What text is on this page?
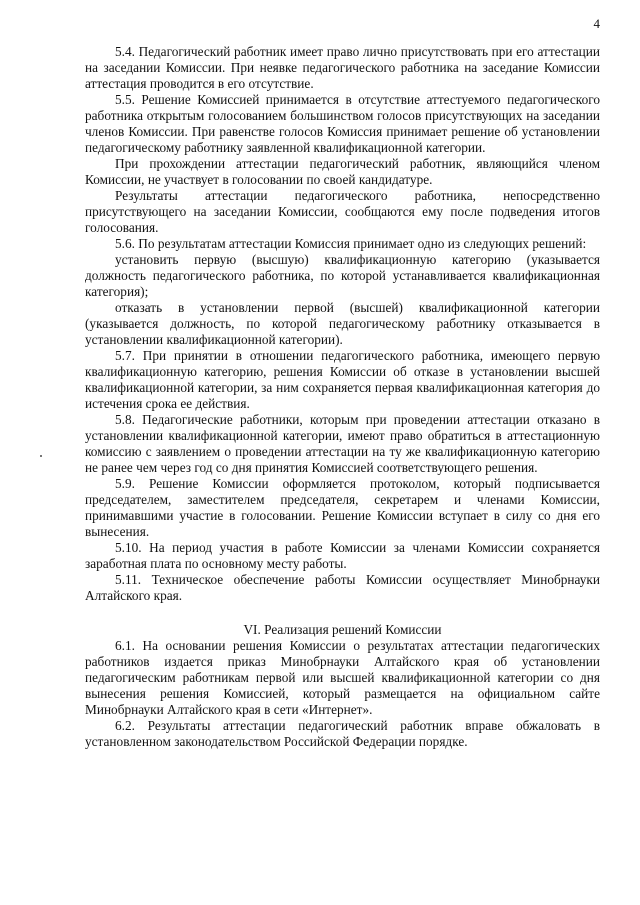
4

5.4. Педагогический работник имеет право лично присутствовать при его аттестации на заседании Комиссии. При неявке педагогического работника на заседание Комиссии аттестация проводится в его отсутствие.

5.5. Решение Комиссией принимается в отсутствие аттестуемого педагогического работника открытым голосованием большинством голосов присутствующих на заседании членов Комиссии. При равенстве голосов Комиссия принимает решение об установлении педагогическому работнику заявленной квалификационной категории.

При прохождении аттестации педагогический работник, являющийся членом Комиссии, не участвует в голосовании по своей кандидатуре.

Результаты аттестации педагогического работника, непосредственно присутствующего на заседании Комиссии, сообщаются ему после подведения итогов голосования.

5.6. По результатам аттестации Комиссия принимает одно из следующих решений:

установить первую (высшую) квалификационную категорию (указывается должность педагогического работника, по которой устанавливается квалификационная категория);

отказать в установлении первой (высшей) квалификационной категории (указывается должность, по которой педагогическому работнику отказывается в установлении квалификационной категории).

5.7. При принятии в отношении педагогического работника, имеющего первую квалификационную категорию, решения Комиссии об отказе в установлении высшей квалификационной категории, за ним сохраняется первая квалификационная категория до истечения срока ее действия.

5.8. Педагогические работники, которым при проведении аттестации отказано в установлении квалификационной категории, имеют право обратиться в аттестационную комиссию с заявлением о проведении аттестации на ту же квалификационную категорию не ранее чем через год со дня принятия Комиссией соответствующего решения.

5.9. Решение Комиссии оформляется протоколом, который подписывается председателем, заместителем председателя, секретарем и членами Комиссии, принимавшими участие в голосовании. Решение Комиссии вступает в силу со дня его вынесения.

5.10. На период участия в работе Комиссии за членами Комиссии сохраняется заработная плата по основному месту работы.

5.11. Техническое обеспечение работы Комиссии осуществляет Минобрнауки Алтайского края.

VI. Реализация решений Комиссии

6.1. На основании решения Комиссии о результатах аттестации педагогических работников издается приказ Минобрнауки Алтайского края об установлении педагогическим работникам первой или высшей квалификационной категории со дня вынесения решения Комиссией, который размещается на официальном сайте Минобрнауки Алтайского края в сети «Интернет».

6.2. Результаты аттестации педагогический работник вправе обжаловать в установленном законодательством Российской Федерации порядке.
